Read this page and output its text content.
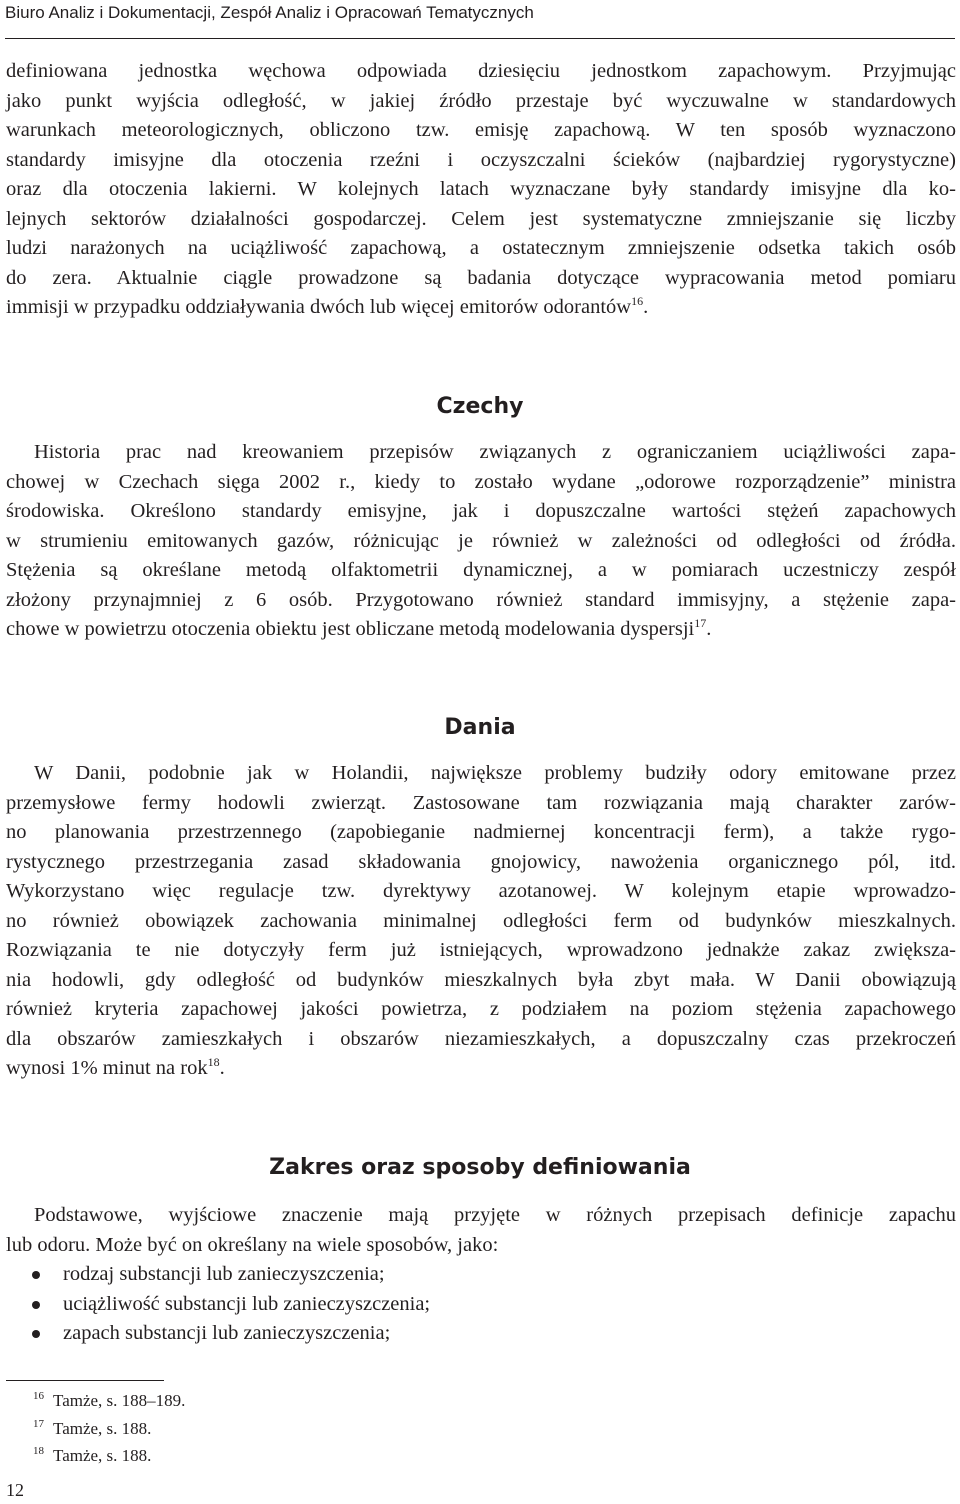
Biuro Analiz i Dokumentacji, Zespół Analiz i Opracowań Tematycznych
definiowana jednostka węchowa odpowiada dziesięciu jednostkom zapachowym. Przyjmując
jako punkt wyjścia odległość, w jakiej źródło przestaje być wyczuwalne w standardowych
warunkach meteorologicznych, obliczono tzw. emisję zapachową. W ten sposób wyznaczono
standardy imisyjne dla otoczenia rzeźni i oczyszczalni ścieków (najbardziej rygorystyczne)
oraz dla otoczenia lakierni. W kolejnych latach wyznaczane były standardy imisyjne dla ko-
lejnych sektorów działalności gospodarczej. Celem jest systematyczne zmniejszanie się liczby
ludzi narażonych na uciążliwość zapachową, a ostatecznym zmniejszenie odsetka takich osób
do zera. Aktualnie ciągle prowadzone są badania dotyczące wypracowania metod pomiaru
immisji w przypadku oddziaływania dwóch lub więcej emitorów odorantów$^{16}$.
Czechy
Historia prac nad kreowaniem przepisów związanych z ograniczaniem uciążliwości zapa-
chowej w Czechach sięga 2002 r., kiedy to zostało wydane „odorowe rozporządzenie” ministra
środowiska. Określono standardy emisyjne, jak i dopuszczalne wartości stężeń zapachowych
w strumieniu emitowanych gazów, różnicując je również w zależności od odległości od źródła.
Stężenia są określane metodą olfaktometrii dynamicznej, a w pomiarach uczestniczy zespół
złożony przynajmniej z 6 osób. Przygotowano również standard immisyjny, a stężenie zapa-
chowe w powietrzu otoczenia obiektu jest obliczane metodą modelowania dyspersji$^{17}$.
Dania
W Danii, podobnie jak w Holandii, największe problemy budziły odory emitowane przez
przemysłowe fermy hodowli zwierząt. Zastosowane tam rozwiązania mają charakter zarów-
no planowania przestrzennego (zapobieganie nadmiernej koncentracji ferm), a także rygo-
rystycznego przestrzegania zasad składowania gnojowicy, nawożenia organicznego pól, itd.
Wykorzystano więc regulacje tzw. dyrektywy azotanowej. W kolejnym etapie wprowadzo-
no również obowiązek zachowania minimalnej odległości ferm od budynków mieszkalnych.
Rozwiązania te nie dotyczyły ferm już istniejących, wprowadzono jednakże zakaz zwiększa-
nia hodowli, gdy odległość od budynków mieszkalnych była zbyt mała. W Danii obowiązują
również kryteria zapachowej jakości powietrza, z podziałem na poziom stężenia zapachowego
dla obszarów zamieszkałych i obszarów niezamieszkałych, a dopuszczalny czas przekroczeń
wynosi 1% minut na rok$^{18}$.
Zakres oraz sposoby definiowania
Podstawowe, wyjściowe znaczenie mają przyjęte w różnych przepisach definicje zapachu
lub odoru. Może być on określany na wiele sposobów, jako:
rodzaj substancji lub zanieczyszczenia;
uciążliwość substancji lub zanieczyszczenia;
zapach substancji lub zanieczyszczenia;
16 Tamże, s. 188–189.
17 Tamże, s. 188.
18 Tamże, s. 188.
12
